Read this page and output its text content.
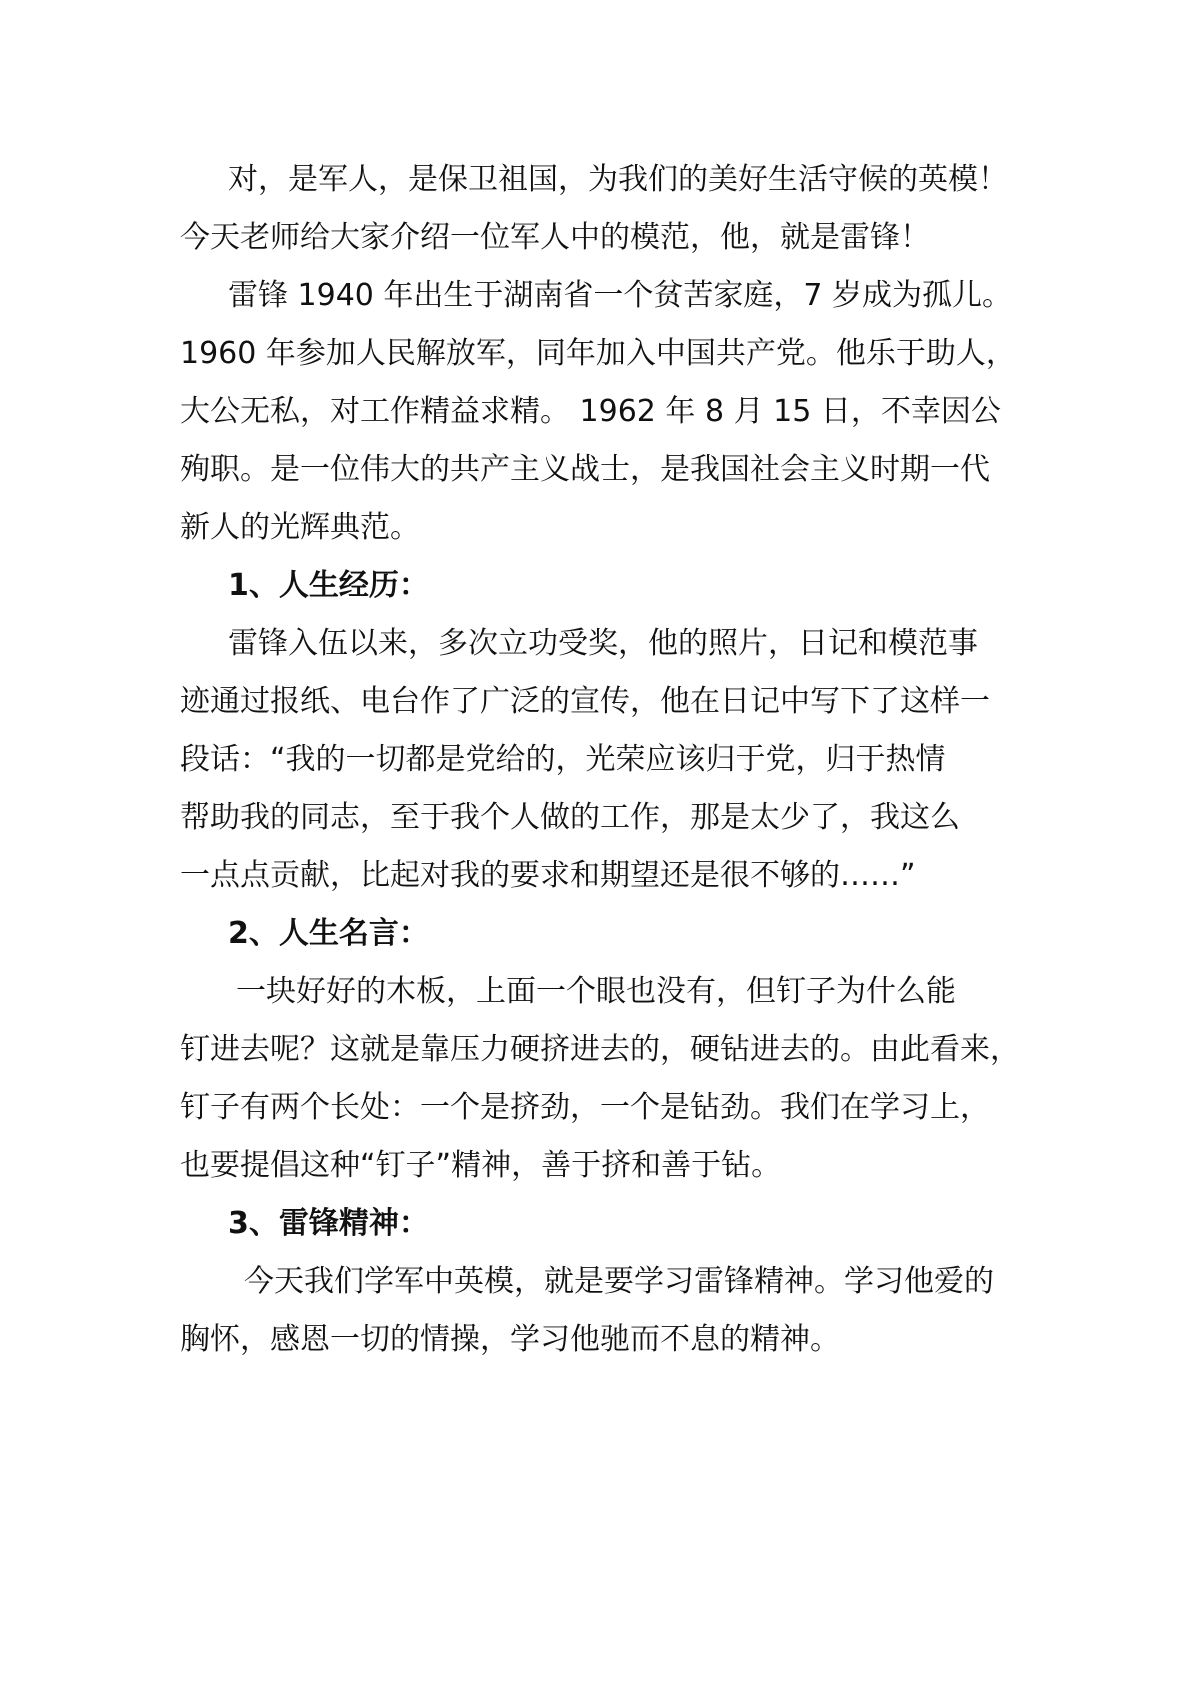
对，是军人，是保卫祖国，为我们的美好生活守候的英模！
今天老师给大家介绍一位军人中的模范，他，就是雷锋！
雷锋 1940 年出生于湖南省一个贫苦家庭，7 岁成为孤儿。
1960 年参加人民解放军，同年加入中国共产党。他乐于助人，
大公无私，对工作精益求精。 1962 年 8 月 15 日，不幸因公
殉职。是一位伟大的共产主义战士，是我国社会主义时期一代
新人的光辉典范。
1、人生经历：
雷锋入伍以来，多次立功受奖，他的照片，日记和模范事
迹通过报纸、电台作了广泛的宣传，他在日记中写下了这样一
段话：“我的一切都是党给的，光荣应该归于党，归于热情
帮助我的同志，至于我个人做的工作，那是太少了，我这么
一点点贡献，比起对我的要求和期望还是很不够的……”
2、人生名言：
一块好好的木板，上面一个眼也没有，但钉子为什么能
钉进去呢？这就是靠压力硬挤进去的，硬钻进去的。由此看来，
钉子有两个长处：一个是挤劲，一个是钻劲。我们在学习上，
也要提倡这种“钉子”精神，善于挤和善于钻。
3、雷锋精神：
今天我们学军中英模，就是要学习雷锋精神。学习他爱的
胸怀，感恩一切的情操，学习他驰而不息的精神。
